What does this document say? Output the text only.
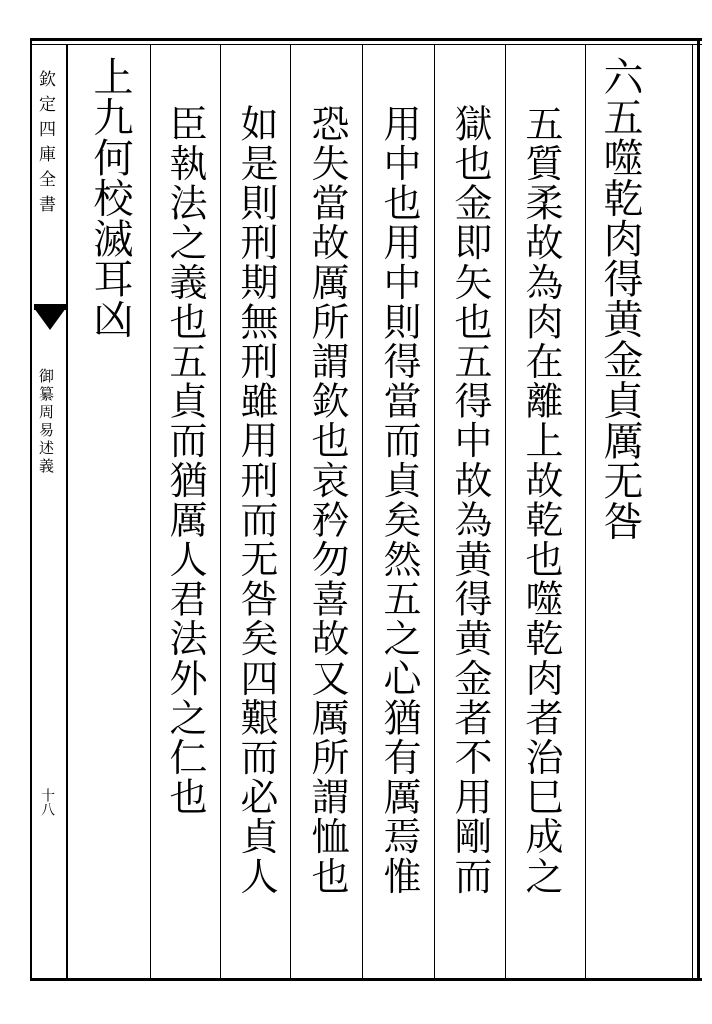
欽定四庫全書
御纂周易述義
十八
六五噬乾肉得黄金貞厲无咎
五質柔故為肉在離上故乾也噬乾肉者治巳成之
獄也金即矢也五得中故為黄得黄金者不用剛而
用中也用中則得當而貞矣然五之心猶有厲焉惟
恐失當故厲所謂欽也哀矜勿喜故又厲所謂恤也
如是則刑期無刑雖用刑而无咎矣四艱而必貞人
臣執法之義也五貞而猶厲人君法外之仁也
上九何校滅耳凶
